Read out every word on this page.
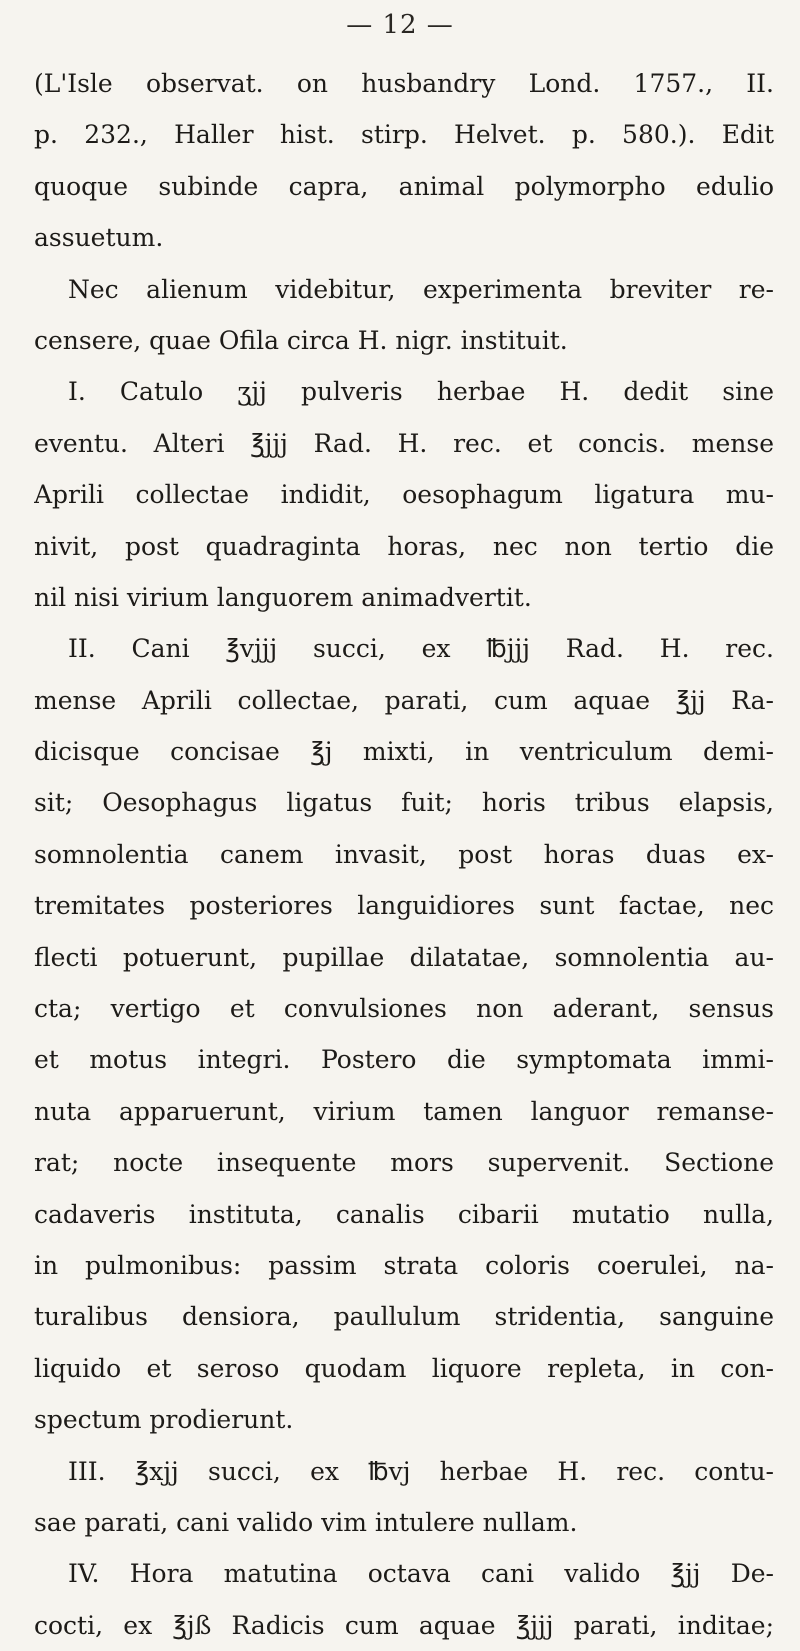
— 12 —
(L'Isle observat. on husbandry Lond. 1757., II.
p. 232., Haller hist. stirp. Helvet. p. 580.). Edit
quoque subinde capra, animal polymorpho edulio
assuetum.
Nec alienum videbitur, experimenta breviter re-
censere, quae Ofila circa H. nigr. instituit.
I. Catulo ʒjj pulveris herbae H. dedit sine
eventu. Alteri ℥jjj Rad. H. rec. et concis. mense
Aprili collectae indidit, oesophagum ligatura mu-
nivit, post quadraginta horas, nec non tertio die
nil nisi virium languorem animadvertit.
II. Cani ℥vjjj succi, ex ℔jjj Rad. H. rec.
mense Aprili collectae, parati, cum aquae ℥jj Ra-
dicisque concisae ℥j mixti, in ventriculum demi-
sit; Oesophagus ligatus fuit; horis tribus elapsis,
somnolentia canem invasit, post horas duas ex-
tremitates posteriores languidiores sunt factae, nec
flecti potuerunt, pupillae dilatatae, somnolentia au-
cta; vertigo et convulsiones non aderant, sensus
et motus integri. Postero die symptomata immi-
nuta apparuerunt, virium tamen languor remanse-
rat; nocte insequente mors supervenit. Sectione
cadaveris instituta, canalis cibarii mutatio nulla,
in pulmonibus: passim strata coloris coerulei, na-
turalibus densiora, paullulum stridentia, sanguine
liquido et seroso quodam liquore repleta, in con-
spectum prodierunt.
III. ℥xjj succi, ex ℔vj herbae H. rec. contu-
sae parati, cani valido vim intulere nullam.
IV. Hora matutina octava cani valido ℥jj De-
cocti, ex ℥jß Radicis cum aquae ℥jjj parati, inditae;
